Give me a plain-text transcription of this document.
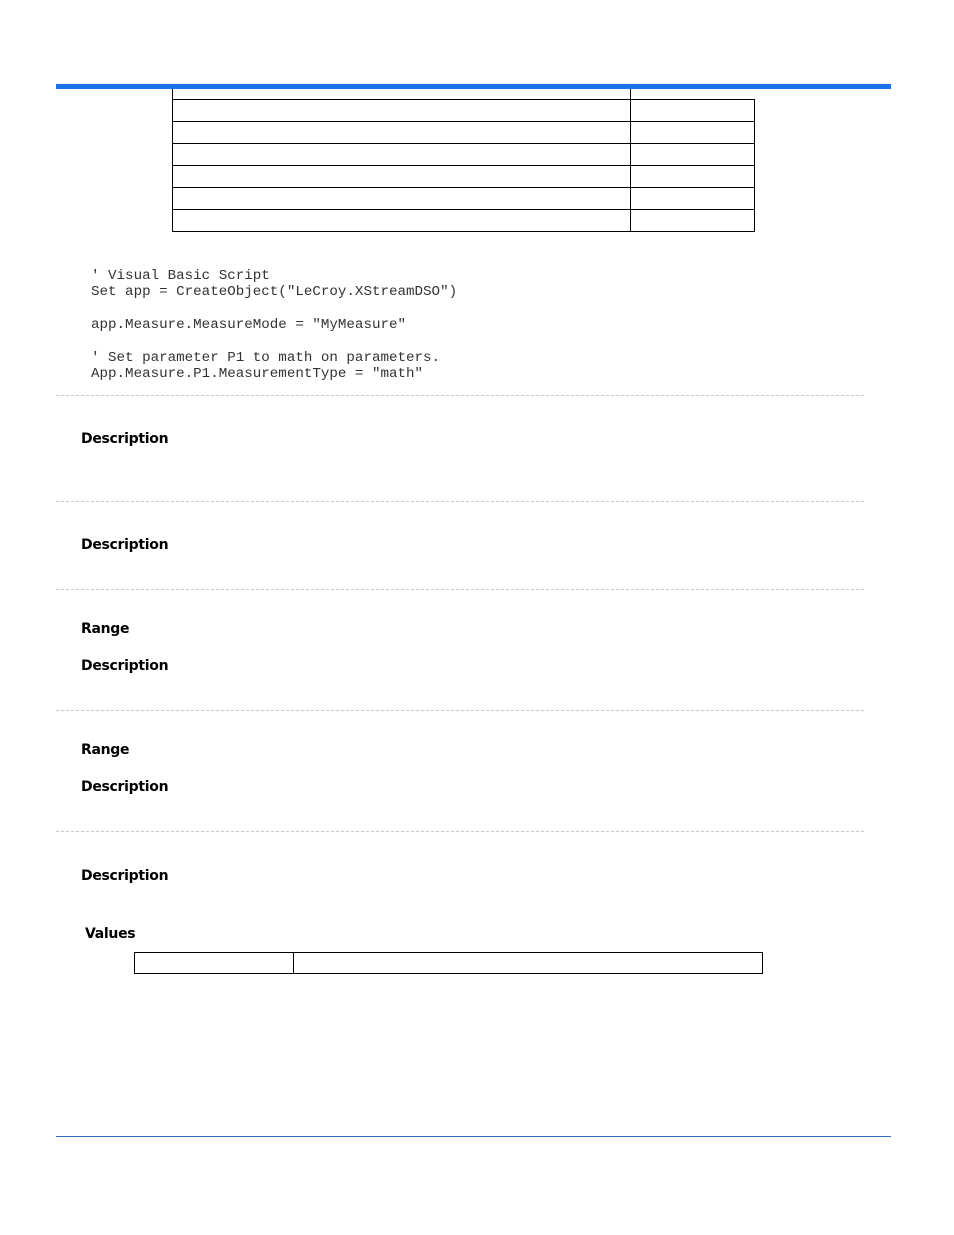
' Visual Basic Script
Set app = CreateObject("LeCroy.XStreamDSO")

app.Measure.MeasureMode = "MyMeasure"

' Set parameter P1 to math on parameters.
App.Measure.P1.MeasurementType = "math"
Description
Description
Range
Description
Range
Description
Description
Values
